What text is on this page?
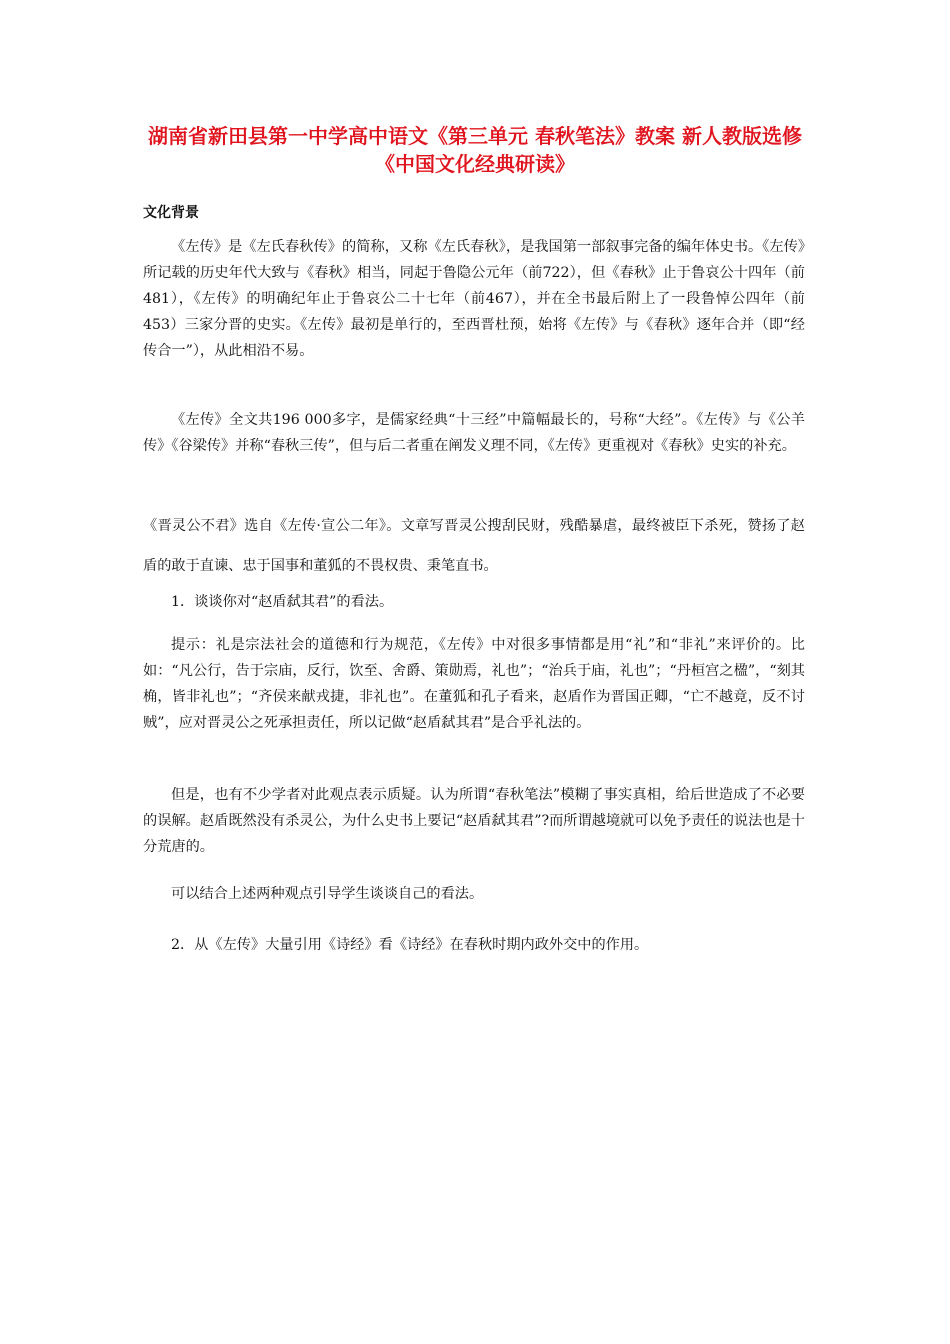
湖南省新田县第一中学高中语文《第三单元 春秋笔法》教案 新人教版选修《中国文化经典研读》
文化背景

《左传》是《左氏春秋传》的简称，又称《左氏春秋》，是我国第一部叙事完备的编年体史书。《左传》所记载的历史年代大致与《春秋》相当，同起于鲁隐公元年（前722），但《春秋》止于鲁哀公十四年（前481），《左传》的明确纪年止于鲁哀公二十七年（前467），并在全书最后附上了一段鲁悼公四年（前453）三家分晋的史实。《左传》最初是单行的，至西晋杜预，始将《左传》与《春秋》逐年合并（即“经传合一”），从此相沿不易。

《左传》全文共196 000多字，是儒家经典“十三经”中篇幅最长的，号称“大经”。《左传》与《公羊传》《谷梁传》并称“春秋三传”，但与后二者重在阐发义理不同，《左传》更重视对《春秋》史实的补充。

《晋灵公不君》选自《左传·宣公二年》。文章写晋灵公搜刮民财，残酷暴虐，最终被臣下杀死，赞扬了赵盾的敢于直谏、忠于国事和董狐的不畏权贵、秉笔直书。

1．谈谈你对“赵盾弑其君”的看法。

提示：礼是宗法社会的道德和行为规范，《左传》中对很多事情都是用“礼”和“非礼”来评价的。比如：“凡公行，告于宗庙，反行，饮至、舍爵、策勋焉，礼也”；“治兵于庙，礼也”；“丹桓宫之楹”，“刻其桷，皆非礼也”；“齐侯来献戎捷，非礼也”。在董狐和孔子看来，赵盾作为晋国正卿，“亡不越竟，反不讨贼”，应对晋灵公之死承担责任，所以记做“赵盾弑其君”是合乎礼法的。

但是，也有不少学者对此观点表示质疑。认为所谓“春秋笔法”模糊了事实真相，给后世造成了不必要的误解。赵盾既然没有杀灵公，为什么史书上要记“赵盾弑其君”?而所谓越境就可以免予责任的说法也是十分荒唐的。

可以结合上述两种观点引导学生谈谈自己的看法。

2．从《左传》大量引用《诗经》看《诗经》在春秋时期内政外交中的作用。
